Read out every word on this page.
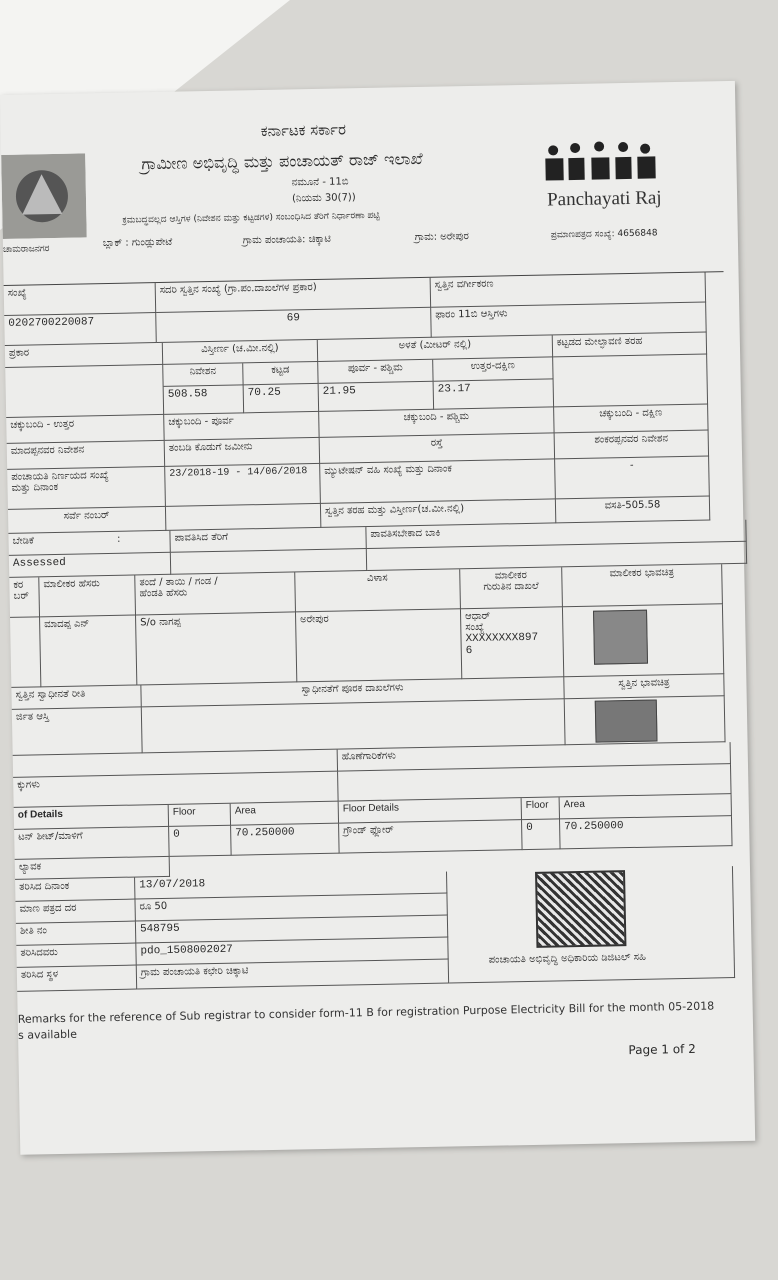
ಚಾಮರಾಜನಗರ
ಕರ್ನಾಟಕ ಸರ್ಕಾರ
ಗ್ರಾಮೀಣ ಅಭಿವೃದ್ಧಿ ಮತ್ತು ಪಂಚಾಯತ್ ರಾಜ್ ಇಲಾಖೆ
ನಮೂನೆ - 11ಬಿ
(ನಿಯಮ 30(7))
ಕ್ರಮಬದ್ಧವಲ್ಲದ ಆಸ್ತಿಗಳ (ನಿವೇಶನ ಮತ್ತು ಕಟ್ಟಡಗಳ) ಸಂಬಂಧಿಸಿದ ತೆರಿಗೆ ನಿರ್ಧಾರಣಾ ಪಟ್ಟಿ
Panchayati Raj
ಬ್ಲಾಕ್ : ಗುಂಡ್ಲುಪೇಟೆ	ಗ್ರಾಮ ಪಂಚಾಯತಿ: ಚಿಕ್ಕಾಟಿ	ಗ್ರಾಮ: ಅರೇಪುರ	ಪ್ರಮಾಣಪತ್ರದ ಸಂಖ್ಯೆ: 4656848
ಸಂಖ್ಯೆ	ಸದರಿ ಸ್ವತ್ತಿನ ಸಂಖ್ಯೆ (ಗ್ರಾ.ಪಂ.ದಾಖಲೆಗಳ ಪ್ರಕಾರ)	ಸ್ವತ್ತಿನ ವರ್ಗೀಕರಣ
0202700220087	69	ಫಾರಂ 11ಬಿ ಆಸ್ತಿಗಳು
ಪ್ರಕಾರ	ವಿಸ್ತೀರ್ಣ (ಚ.ಮೀ.ನಲ್ಲಿ)	ಅಳತೆ (ಮೀಟರ್ ನಲ್ಲಿ)	ಕಟ್ಟಡದ ಮೇಲ್ಛಾವಣಿ ತರಹ
ನಿವೇಶನ	ಕಟ್ಟಡ	ಪೂರ್ವ - ಪಶ್ಚಿಮ	ಉತ್ತರ-ದಕ್ಷಿಣ
508.58	70.25	21.95	23.17
ಚಕ್ಕುಬಂದಿ - ಉತ್ತರ	ಚಕ್ಕುಬಂದಿ - ಪೂರ್ವ	ಚಕ್ಕುಬಂದಿ - ಪಶ್ಚಿಮ	ಚಕ್ಕುಬಂದಿ - ದಕ್ಷಿಣ
ಮಾದಪ್ಪನವರ ನಿವೇಶನ	ತಂಬಡಿ ಕೊಡುಗೆ ಜಮೀನು	ರಸ್ತೆ	ಶಂಕರಪ್ಪನವರ ನಿವೇಶನ
ಪಂಚಾಯತಿ ನಿರ್ಣಯದ ಸಂಖ್ಯೆ
ಮತ್ತು ದಿನಾಂಕ
23/2018-19 - 14/06/2018	ಮ್ಯುಟೇಷನ್ ವಹಿ ಸಂಖ್ಯೆ ಮತ್ತು ದಿನಾಂಕ	-
ಸರ್ವೆ ನಂಬರ್	ಸ್ವತ್ತಿನ ತರಹ ಮತ್ತು ವಿಸ್ತೀರ್ಣ(ಚ.ಮೀ.ನಲ್ಲಿ)	ವಸತಿ-505.58
ಬೇಡಿಕೆ	:	ಪಾವತಿಸಿದ ತೆರಿಗೆ	ಪಾವತಿಸಬೇಕಾದ ಬಾಕಿ
Assessed
ಕರ ಬರ್
ಮಾಲೀಕರ ಹೆಸರು	ತಂದೆ / ತಾಯಿ / ಗಂಡ /
ಹೆಂಡತಿ ಹೆಸರು
ವಿಳಾಸ	ಮಾಲೀಕರ
ಗುರುತಿನ ದಾಖಲೆ
ಮಾಲೀಕರ ಭಾವಚಿತ್ರ
ಮಾದಪ್ಪ ಎನ್	S/o ನಾಗಪ್ಪ	ಅರೇಪುರ	ಆಧಾರ್
ಸಂಖ್ಯೆ
XXXXXXXX897
6
ಸ್ವತ್ತಿನ ಸ್ವಾಧೀನತೆ ರೀತಿ	ಸ್ವಾಧೀನತೆಗೆ ಪೂರಕ ದಾಖಲೆಗಳು	ಸ್ವತ್ತಿನ ಭಾವಚಿತ್ರ
ರ್ಜಿತ ಆಸ್ತಿ
ಹೊಣೆಗಾರಿಕೆಗಳು
ಕ್ಕುಗಳು
of Details	Floor	Area	Floor Details	Floor	Area
ಟನ್ ಶೀಟ್/ಮಾಳಿಗೆ	0	70.250000	ಗ್ರೌಂಡ್ ಫ್ಲೋರ್	0	70.250000
ಲ್ಯಾವಕ
ತರಿಸಿದ ದಿನಾಂಕ	13/07/2018
ಮಾಣ ಪತ್ರದ ದರ	ರೂ 50
ಶೀತಿ ನಂ	548795
ತರಿಸಿದವರು	pdo_1508002027
ತರಿಸಿದ ಸ್ಥಳ	ಗ್ರಾಮ ಪಂಚಾಯತಿ ಕಛೇರಿ ಚಿಕ್ಕಾಟಿ
ಪಂಚಾಯತಿ ಅಭಿವೃದ್ಧಿ ಅಧಿಕಾರಿಯ ಡಿಜಿಟಲ್ ಸಹಿ
Remarks for the reference of Sub registrar to consider form-11 B for registration Purpose Electricity Bill for the month 05-2018
s available
Page 1 of 2
